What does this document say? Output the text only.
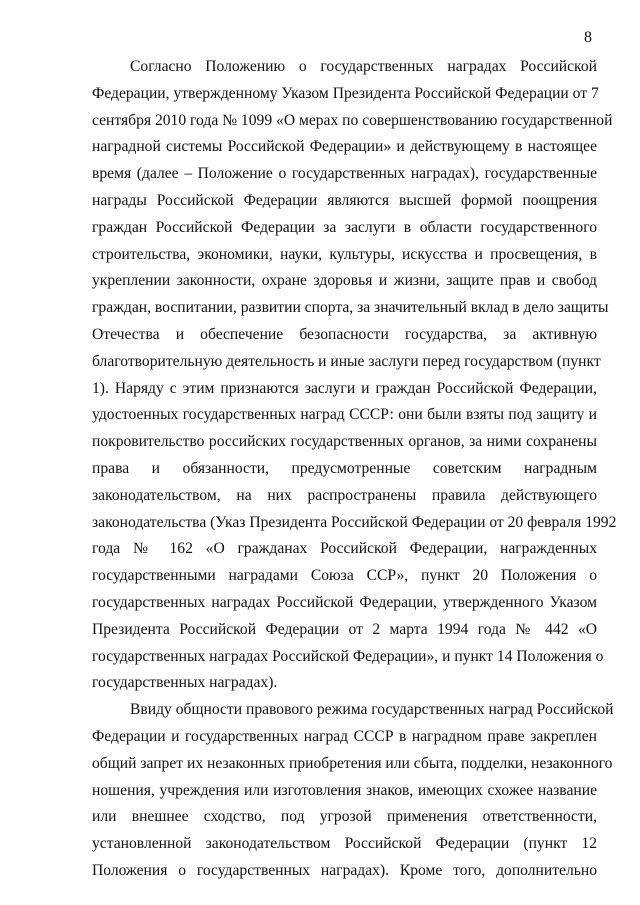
8

Согласно Положению о государственных наградах Российской
Федерации, утвержденному Указом Президента Российской Федерации от 7
сентября 2010 года № 1099 «О мерах по совершенствованию государственной
наградной системы Российской Федерации» и действующему в настоящее
время (далее – Положение о государственных наградах), государственные
награды Российской Федерации являются высшей формой поощрения
граждан Российской Федерации за заслуги в области государственного
строительства, экономики, науки, культуры, искусства и просвещения, в
укреплении законности, охране здоровья и жизни, защите прав и свобод
граждан, воспитании, развитии спорта, за значительный вклад в дело защиты
Отечества и обеспечение безопасности государства, за активную
благотворительную деятельность и иные заслуги перед государством (пункт
1). Наряду с этим признаются заслуги и граждан Российской Федерации,
удостоенных государственных наград СССР: они были взяты под защиту и
покровительство российских государственных органов, за ними сохранены
права и обязанности, предусмотренные советским наградным
законодательством, на них распространены правила действующего
законодательства (Указ Президента Российской Федерации от 20 февраля 1992
года № 162 «О гражданах Российской Федерации, награжденных
государственными наградами Союза ССР», пункт 20 Положения о
государственных наградах Российской Федерации, утвержденного Указом
Президента Российской Федерации от 2 марта 1994 года № 442 «О
государственных наградах Российской Федерации», и пункт 14 Положения о
государственных наградах).

Ввиду общности правового режима государственных наград Российской
Федерации и государственных наград СССР в наградном праве закреплен
общий запрет их незаконных приобретения или сбыта, подделки, незаконного
ношения, учреждения или изготовления знаков, имеющих схожее название
или внешнее сходство, под угрозой применения ответственности,
установленной законодательством Российской Федерации (пункт 12
Положения о государственных наградах). Кроме того, дополнительно
